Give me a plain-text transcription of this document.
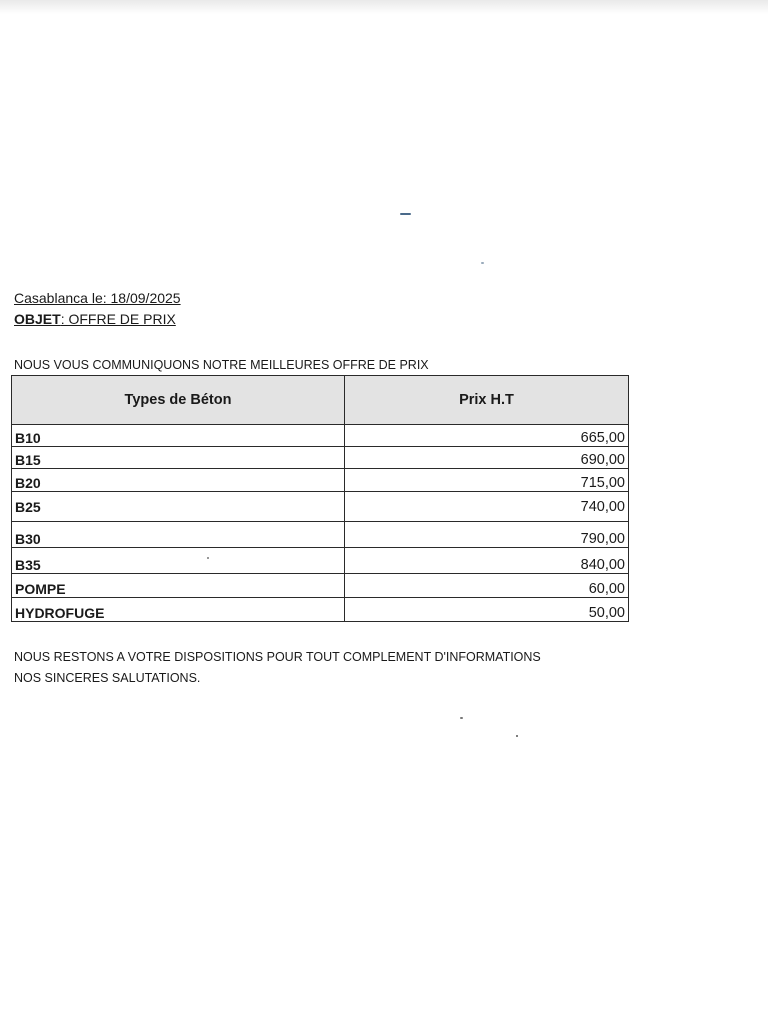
Casablanca le: 18/09/2025
OBJET: OFFRE DE PRIX
NOUS VOUS COMMUNIQUONS NOTRE MEILLEURES OFFRE DE PRIX
Types de Béton	Prix H.T
B10	665,00
B15	690,00
B20	715,00
B25	740,00
B30	790,00
B35	840,00
POMPE	60,00
HYDROFUGE	50,00
NOUS RESTONS A VOTRE DISPOSITIONS POUR TOUT COMPLEMENT D'INFORMATIONS
NOS SINCERES SALUTATIONS.
